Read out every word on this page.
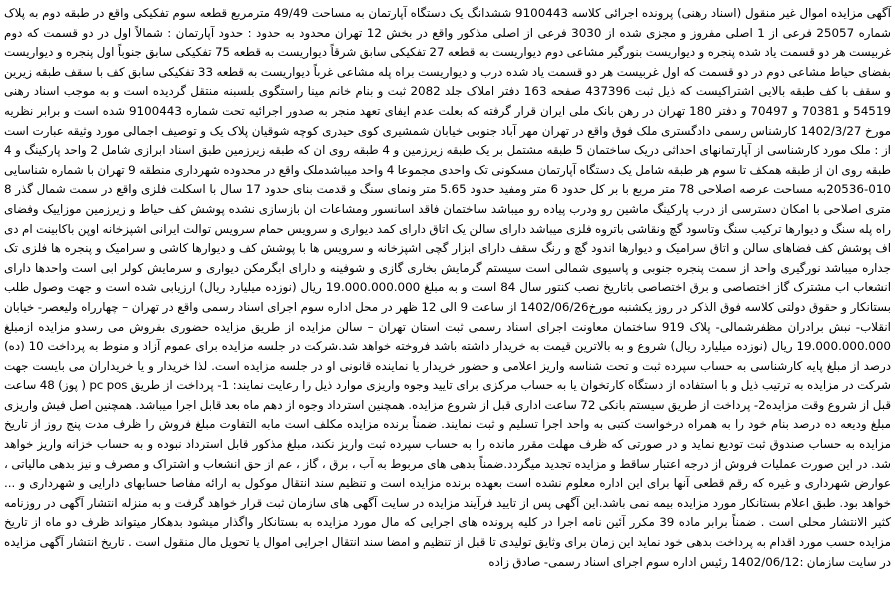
آگهی مزایده اموال غیر منقول (اسناد رهنی) پرونده اجرائی کلاسه 9100443 ششدانگ یک دستگاه آپارتمان به مساحت 49/49 مترمربع قطعه سوم تفکیکی واقع در طبقه دوم به پلاک شماره 25057 فرعی از 1 اصلی مفروز و مجزی شده از 3030 فرعی از اصلی مذکور واقع در بخش 12 تهران محدود به حدود : حدود آپارتمان : شمالاً اول در دو قسمت که دوم غربیست هر دو قسمت یاد شده پنجره و دیواریست بنورگیر مشاعی دوم دیواریست به قطعه 27 تفکیکی سابق شرقاً دیواریست به قطعه 75 تفکیکی سابق جنوباً اول پنجره و دیواریست بفضای حیاط مشاعی دوم در دو قسمت که اول غربیست هر دو قسمت یاد شده درب و دیواریست براه پله مشاعی غرباً دیواریست به قطعه 33 تفکیکی سابق کف با سقف طبقه زیرین و سقف با کف طبقه بالایی اشتراکیست که ذیل ثبت 437396 صفحه 163 دفتر املاک جلد 2082 ثبت و بنام خانم مینا راستگوی بلسبنه منتقل گردیده است و به موجب اسناد رهنی 54519 و 70381 و 70497 و دفتر 180 تهران در رهن بانک ملی ایران قرار گرفته که بعلت عدم ایفای تعهد منجر به صدور اجرائیه تحت شماره 9100443 شده است و برابر نظریه مورخ 1402/3/27 کارشناس رسمی دادگستری ملک فوق واقع در تهران مهر آباد جنوبی خیابان شمشیری کوی حیدری کوچه شوقیان پلاک یک و توصیف اجمالی مورد وثیقه عبارت است از : ملک مورد کارشناسی از آپارتمانهای احداثی دریک ساختمان 5 طبقه مشتمل بر یک طبقه زیرزمین و 4 طبقه روی ان که طبقه زیرزمین طبق اسناد ابرازی شامل 2 واحد پارکینگ و 4 طبقه روی ان از طبقه همکف تا سوم هر طبقه شامل یک دستگاه آپارتمان مسکونی تک واحدی مجموعا 4 واحد میباشدملک واقع در محدوده شهرداری منطقه 9 تهران با شماره شناسایی 010-20536به مساحت عرصه اصلاحی 78 متر مربع با بر کل حدود 6 متر ومفید حدود 5.65 متر ونمای سنگ و قدمت بنای حدود 17 سال با اسکلت فلزی واقع در سمت شمال گذر 8 متری اصلاحی با امکان دسترسی از درب پارکینگ ماشین رو ودرب پیاده رو میباشد ساختمان فاقد اسانسور ومشاعات ان بازسازی نشده پوشش کف حیاط و زیرزمین موزاییک وفضای راه پله سنگ و دیوارها ترکیب سنگ وتاسود گچ ونقاشی باتروه فلزی میباشد دارای سالن یک اتاق دارای کمد دیواری و سرویس حمام سرویس توالت ایرانی اشپزخانه اوپن باکابینت ام دی اف پوشش کف فضاهای سالن و اتاق سرامیک و دیوارها اندود گچ و رنگ سقف دارای ابزار گچی اشپزخانه و سرویس ها با پوشش کف و دیوارها کاشی و سرامیک و پنجره ها فلزی تک جداره میباشد نورگیری واحد از سمت پنجره جنوبی و پاسیوی شمالی است سیستم گرمایش بخاری گازی و شوفینه و دارای ابگرمکن دیواری و سرمایش کولر ابی است واحدها دارای انشعاب اب مشترک گاز اختصاصی و برق اختصاصی باتاریخ نصب کنتور سال 84 است و به مبلغ 19.000.000.000 ریال (نوزده میلیارد ریال) ارزیابی شده است و جهت وصول طلب بستانکار و حقوق دولتی کلاسه فوق الذکر در روز یکشنبه مورخ1402/06/26 از ساعت 9 الی 12 ظهر در محل اداره سوم اجرای اسناد رسمی واقع در تهران – چهارراه ولیعصر- خیابان انقلاب- نبش برادران مظفرشمالی- پلاک 919 ساختمان معاونت اجرای اسناد رسمی ثبت استان تهران – سالن مزایده از طریق مزایده حضوری بفروش می رسدو مزایده ازمبلغ 19.000.000.000 ریال (نوزده میلیارد ریال) شروع و به بالاترین قیمت به خریدار داشته باشد فروخته خواهد شد.شرکت در جلسه مزایده برای عموم آزاد و منوط به پرداخت 10 (ده) درصد از مبلغ پایه کارشناسی به حساب سپرده ثبت و تحت شناسه واریز اعلامی و حضور خریدار یا نماینده قانونی او در جلسه مزایده است. لذا خریدار و یا خریداران می بایست جهت شرکت در مزایده به ترتیب ذیل و با استفاده از دستگاه کارتخوان یا به حساب مرکزی برای تایید وجوه واریزی موارد ذیل را رعایت نمایند: 1- پرداخت از طریق pc pos ( پوز) 48 ساعت قبل از شروع وقت مزایده2- پرداخت از طریق سیستم بانکی 72 ساعت اداری قبل از شروع مزایده. همچنین استرداد وجوه از دهم ماه بعد قابل اجرا میباشد. همچنین اصل فیش واریزی مبلغ ودیعه ده درصد بنام خود را به همراه درخواست کتبی به واحد اجرا تسلیم و ثبت نمایند. ضمناً برنده مزایده مکلف است مابه التفاوت مبلغ فروش را ظرف مدت پنج روز از تاریخ مزایده به حساب صندوق ثبت تودیع نماید و در صورتی که ظرف مهلت مقرر مانده را به حساب سپرده ثبت واریز نکند، مبلغ مذکور قابل استرداد نبوده و به حساب خزانه واریز خواهد شد. در این صورت عملیات فروش از درجه اعتبار ساقط و مزایده تجدید میگردد.ضمناً بدهی های مربوط به آب ، برق ، گاز ، عم از حق انشعاب و اشتراک و مصرف و نیز بدهی مالیاتی ، عوارض شهرداری و غیره که رقم قطعی آنها برای این اداره معلوم نشده است بعهده برنده مزایده است و تنظیم سند انتقال موکول به ارائه مفاصا حسابهای دارایی و شهرداری و ... خواهد بود. طبق اعلام بستانکار مورد مزایده بیمه نمی باشد.این آگهی پس از تایید فرآیند مزایده در سایت آگهی های سازمان ثبت قرار خواهد گرفت و به منزله انتشار آگهی در روزنامه کثیر الانتشار محلی است . ضمناً برابر ماده 39 مکرر آئین نامه اجرا در کلیه پرونده های اجرایی که مال مورد مزایده به بستانکار واگذار میشود بدهکار میتواند ظرف دو ماه از تاریخ مزایده حسب مورد اقدام به پرداخت بدهی خود نماید این زمان برای وثایق تولیدی تا قبل از تنظیم و امضا سند انتقال اجرایی اموال یا تحویل مال منقول است . تاریخ انتشار آگهی مزایده در سایت سازمان :1402/06/12 رئیس اداره سوم اجرای اسناد رسمی- صادق زاده
